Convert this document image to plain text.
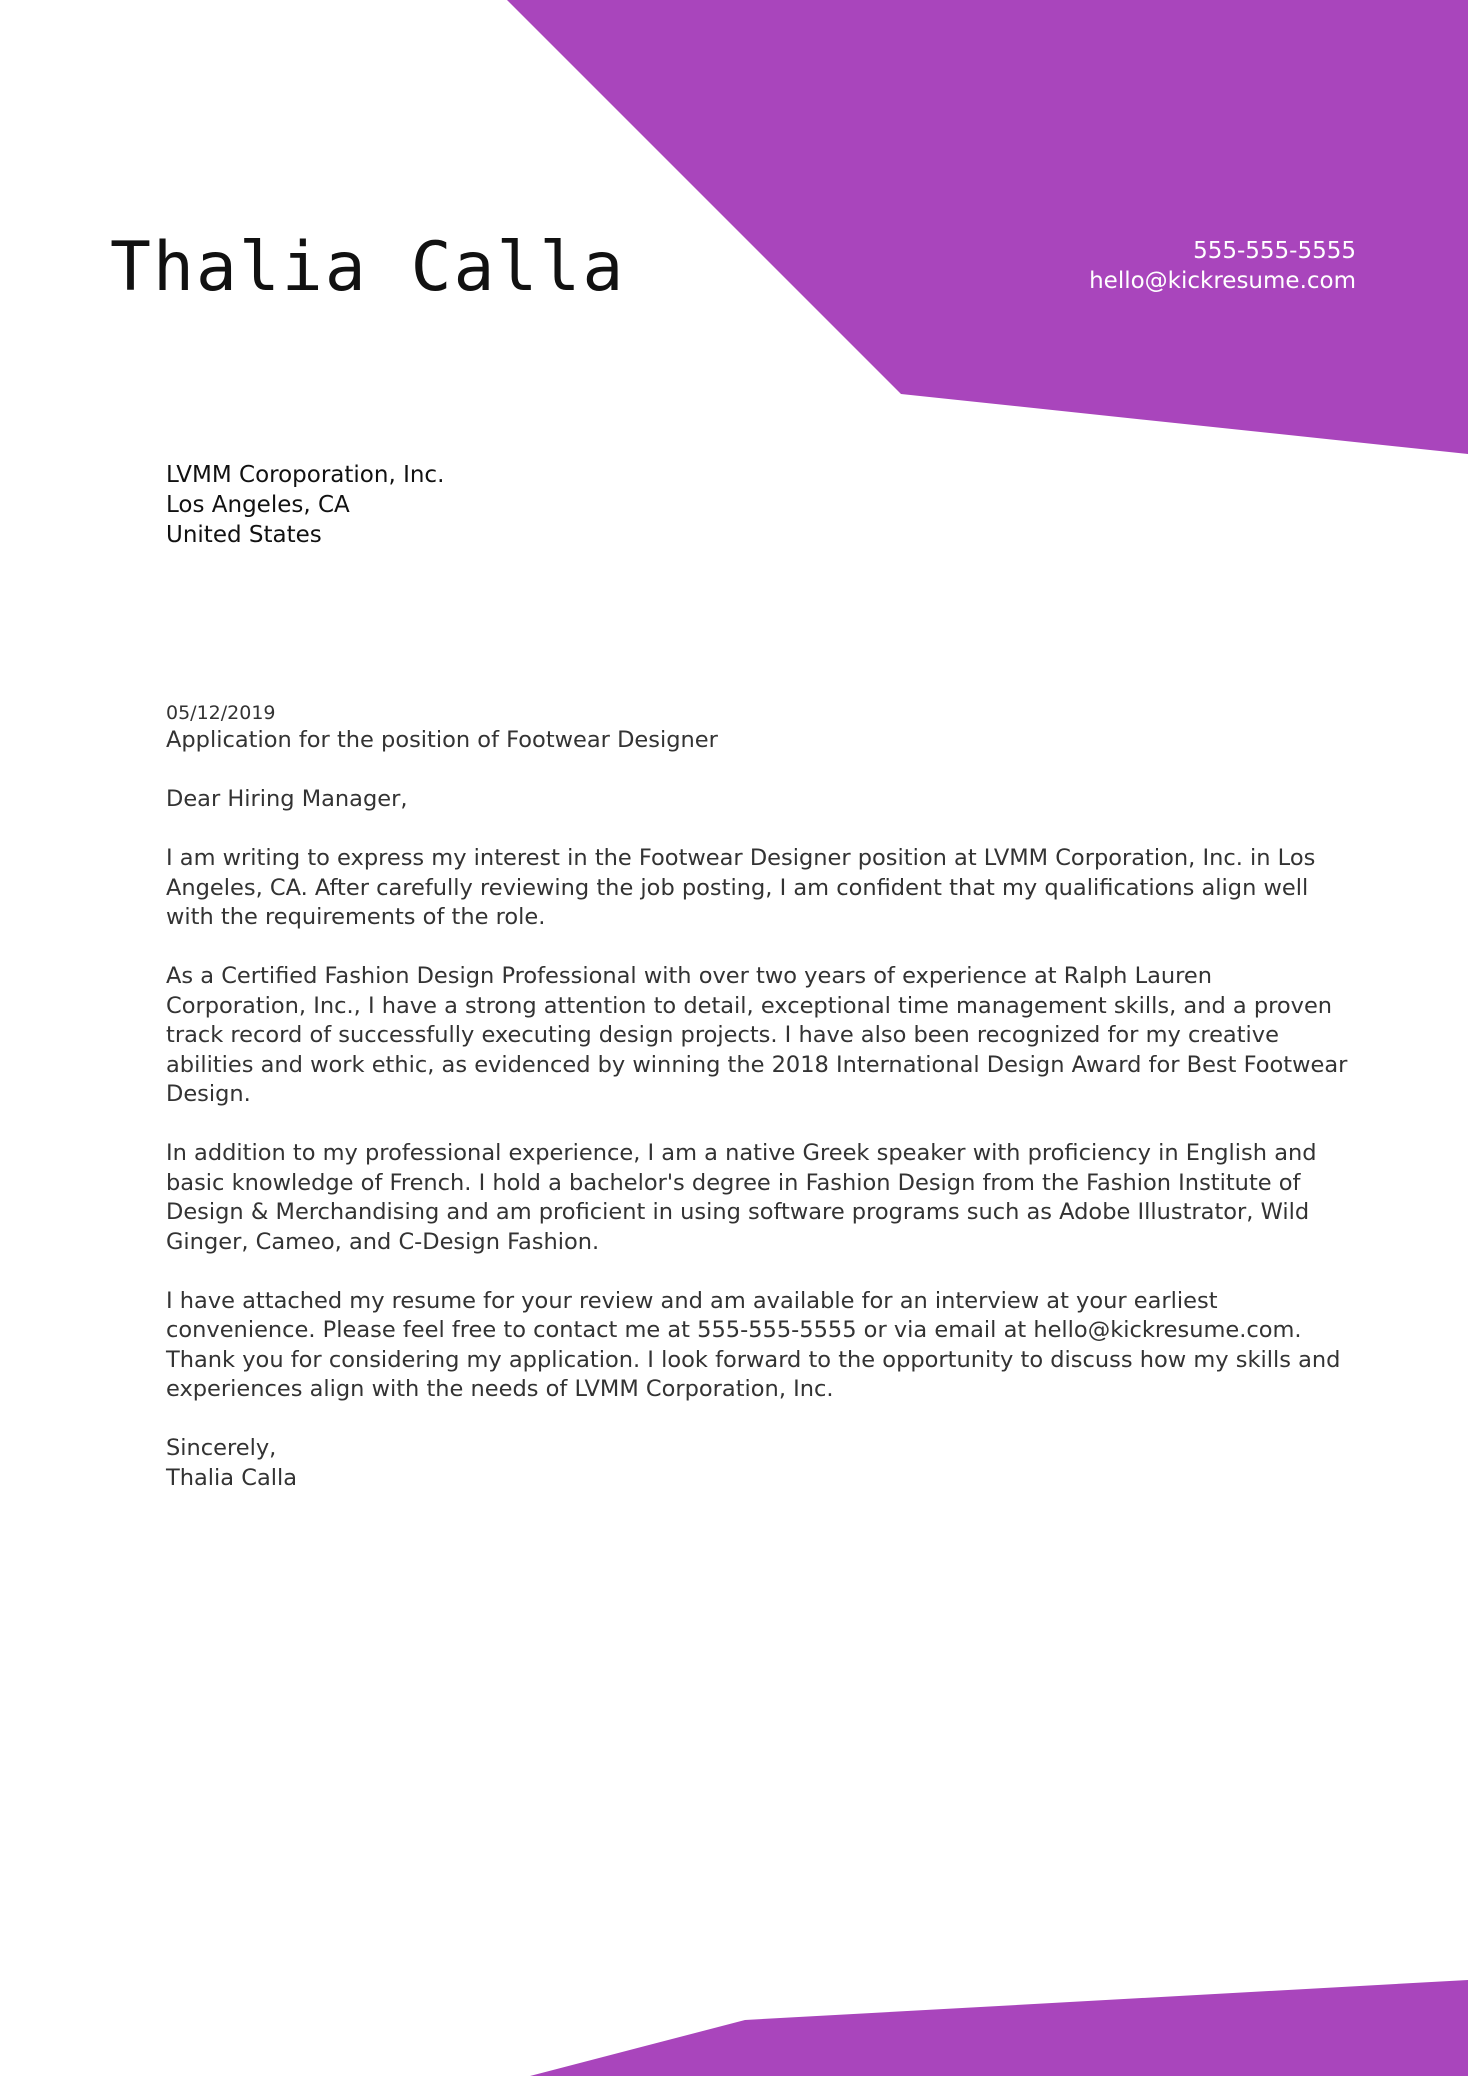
Thalia Calla	555-555-5555
hello@kickresume.com
LVMM Coroporation, Inc.
Los Angeles, CA
United States
05/12/2019
Application for the position of Footwear Designer

Dear Hiring Manager,

I am writing to express my interest in the Footwear Designer position at LVMM Corporation, Inc. in Los Angeles, CA. After carefully reviewing the job posting, I am confident that my qualifications align well with the requirements of the role.

As a Certified Fashion Design Professional with over two years of experience at Ralph Lauren Corporation, Inc., I have a strong attention to detail, exceptional time management skills, and a proven track record of successfully executing design projects. I have also been recognized for my creative abilities and work ethic, as evidenced by winning the 2018 International Design Award for Best Footwear Design.

In addition to my professional experience, I am a native Greek speaker with proficiency in English and basic knowledge of French. I hold a bachelor's degree in Fashion Design from the Fashion Institute of Design & Merchandising and am proficient in using software programs such as Adobe Illustrator, Wild Ginger, Cameo, and C-Design Fashion.

I have attached my resume for your review and am available for an interview at your earliest convenience. Please feel free to contact me at 555-555-5555 or via email at hello@kickresume.com. Thank you for considering my application. I look forward to the opportunity to discuss how my skills and experiences align with the needs of LVMM Corporation, Inc.

Sincerely,
Thalia Calla
